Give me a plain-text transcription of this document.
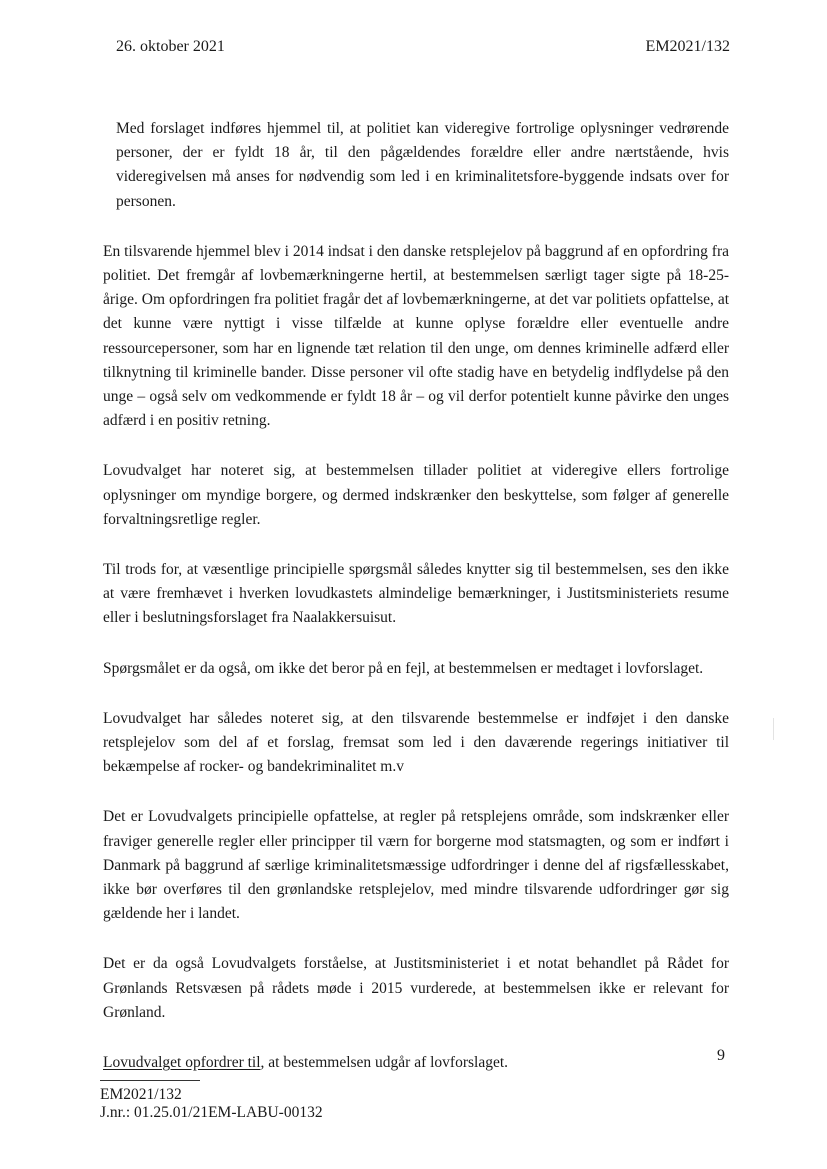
26. oktober 2021	EM2021/132

Med forslaget indføres hjemmel til, at politiet kan videregive fortrolige oplysninger vedrørende personer, der er fyldt 18 år, til den pågældendes forældre eller andre nærtstående, hvis videregivelsen må anses for nødvendig som led i en kriminalitetsfore-byggende indsats over for personen.

En tilsvarende hjemmel blev i 2014 indsat i den danske retsplejelov på baggrund af en opfordring fra politiet. Det fremgår af lovbemærkningerne hertil, at bestemmelsen særligt tager sigte på 18-25-årige. Om opfordringen fra politiet fragår det af lovbemærkningerne, at det var politiets opfattelse, at det kunne være nyttigt i visse tilfælde at kunne oplyse forældre eller eventuelle andre ressourcepersoner, som har en lignende tæt relation til den unge, om dennes kriminelle adfærd eller tilknytning til kriminelle bander. Disse personer vil ofte stadig have en betydelig indflydelse på den unge – også selv om vedkommende er fyldt 18 år – og vil derfor potentielt kunne påvirke den unges adfærd i en positiv retning.

Lovudvalget har noteret sig, at bestemmelsen tillader politiet at videregive ellers fortrolige oplysninger om myndige borgere, og dermed indskrænker den beskyttelse, som følger af generelle forvaltningsretlige regler.

Til trods for, at væsentlige principielle spørgsmål således knytter sig til bestemmelsen, ses den ikke at være fremhævet i hverken lovudkastets almindelige bemærkninger, i Justitsministeriets resume eller i beslutningsforslaget fra Naalakkersuisut.

Spørgsmålet er da også, om ikke det beror på en fejl, at bestemmelsen er medtaget i lovforslaget.

Lovudvalget har således noteret sig, at den tilsvarende bestemmelse er indføjet i den danske retsplejelov som del af et forslag, fremsat som led i den daværende regerings initiativer til bekæmpelse af rocker- og bandekriminalitet m.v

Det er Lovudvalgets principielle opfattelse, at regler på retsplejens område, som indskrænker eller fraviger generelle regler eller principper til værn for borgerne mod statsmagten, og som er indført i Danmark på baggrund af særlige kriminalitetsmæssige udfordringer i denne del af rigsfællesskabet, ikke bør overføres til den grønlandske retsplejelov, med mindre tilsvarende udfordringer gør sig gældende her i landet.

Det er da også Lovudvalgets forståelse, at Justitsministeriet i et notat behandlet på Rådet for Grønlands Retsvæsen på rådets møde i 2015 vurderede, at bestemmelsen ikke er relevant for Grønland.

Lovudvalget opfordrer til, at bestemmelsen udgår af lovforslaget.	9
EM2021/132
J.nr.: 01.25.01/21EM-LABU-00132
